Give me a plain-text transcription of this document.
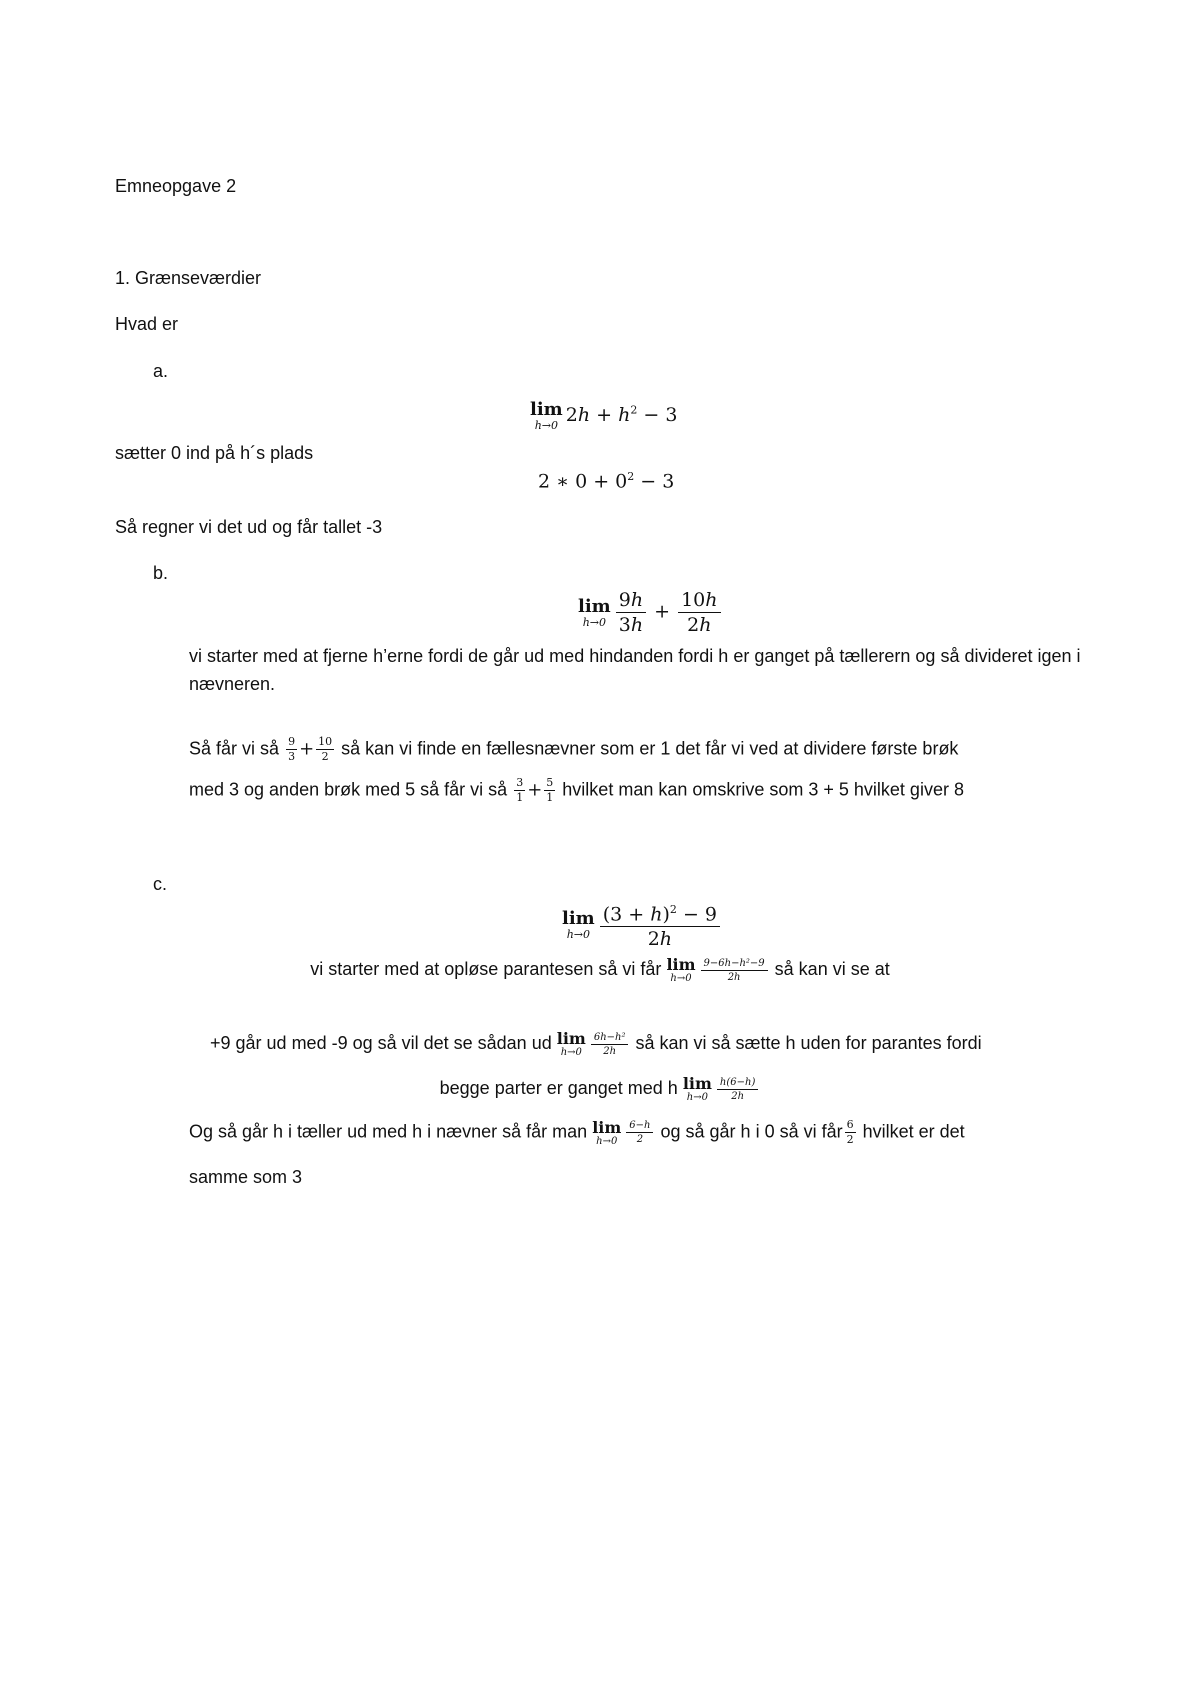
Emneopgave 2
1. Grænseværdier
Hvad er
a.
lim
h→0 $2h + h^2 - 3$
sætter 0 ind på h´s plads
2 ∗ $0 + 0^2 - 3$
Så regner vi det ud og får tallet -3
b.
lim
$h\to 0 \frac{9h}{3h} + \frac{10h}{2h}$
vi starter med at fjerne h’erne fordi de går ud med hindanden fordi h er ganget på tællerern og så divideret igen i nævneren.
Så får vi så $\frac{9}{3} + \frac{10}{2}$ så kan vi finde en fællesnævner som er 1 det får vi ved at dividere første brøk
med 3 og anden brøk med 5 så får vi så $\frac{3}{1} + \frac{5}{1}$ hvilket man kan omskrive som 3 + 5 hvilket giver 8
c.
lim
$h\to 0 \frac{(3 + h)^2 - 9}{2h}$
vi starter med at opløse parantesen så vi får lim
$h\to 0 \frac{\text{9−6h−h²−9}}{2h}$ så kan vi se at
+9 går ud med -9 og så vil det se sådan ud lim
$h\to 0 \frac{\text{6h−h²}}{2h}$ så kan vi så sætte h uden for parantes fordi
begge parter er ganget med h lim
$h\to 0 \frac{h(6-h)}{2h}$
Og så går h i tæller ud med h i nævner så får man lim
$h\to 0 \frac{6-h}{2}$ og så går h i 0 så vi får $\frac{6}{2}$ hvilket er det
samme som 3
